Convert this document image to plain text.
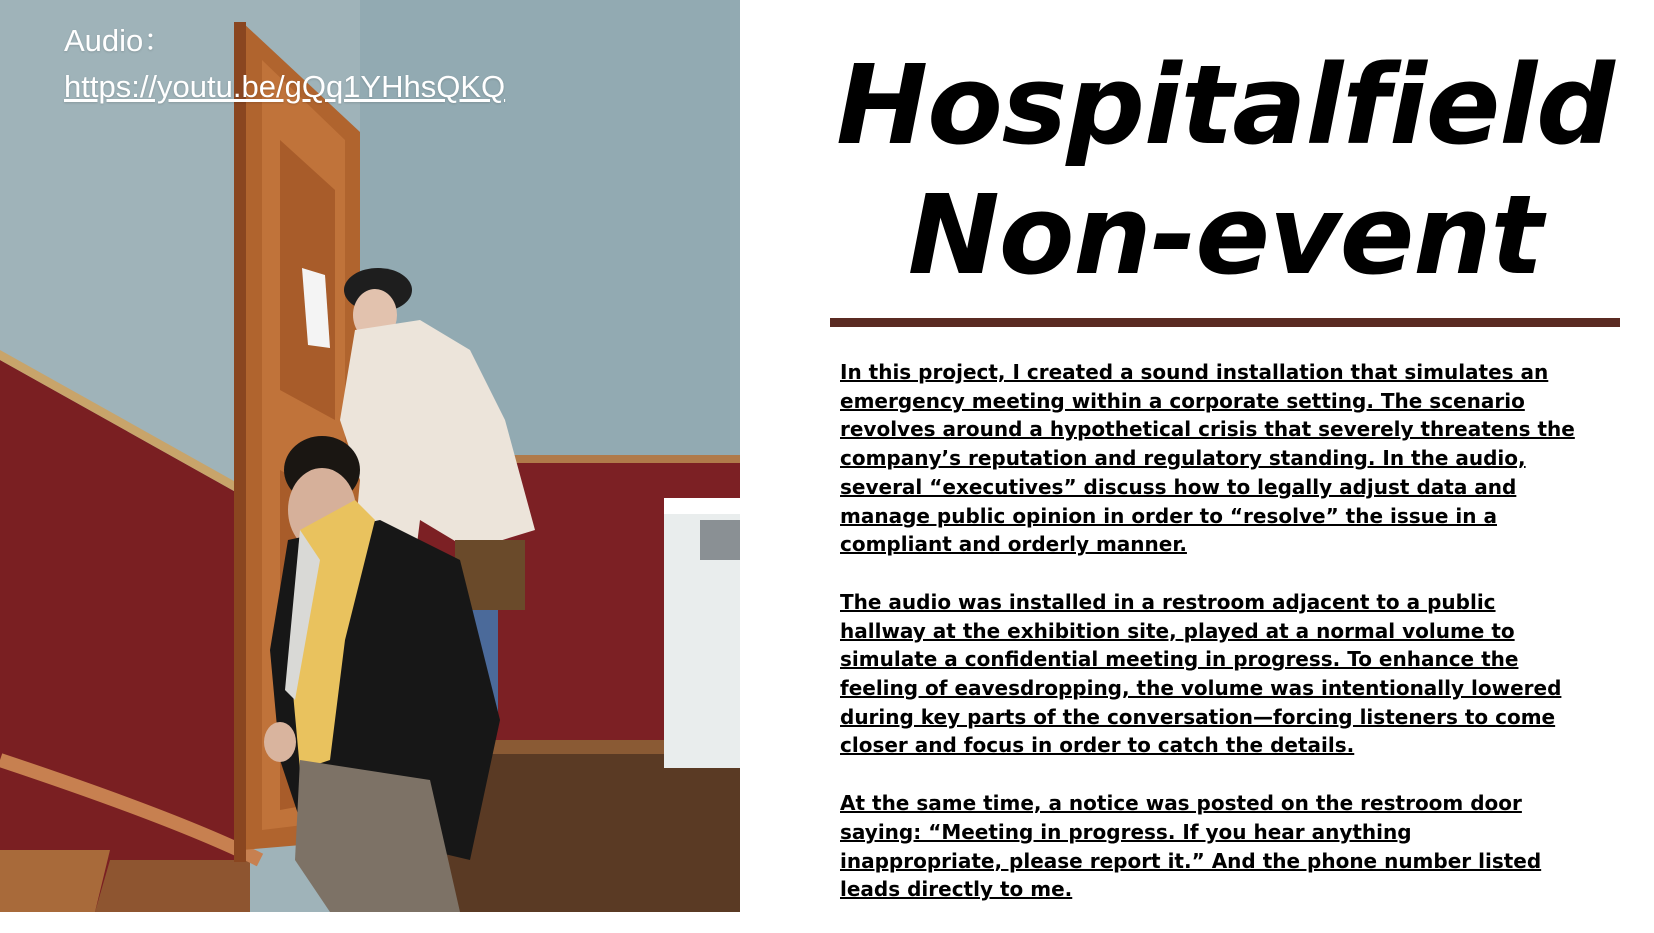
Audio：
https://youtu.be/gQq1YHhsQKQ	Hospitalfield
Non-event

In this project, I created a sound installation that simulates an emergency meeting within a corporate setting. The scenario revolves around a hypothetical crisis that severely threatens the company’s reputation and regulatory standing. In the audio, several “executives” discuss how to legally adjust data and manage public opinion in order to “resolve” the issue in a compliant and orderly manner.

The audio was installed in a restroom adjacent to a public hallway at the exhibition site, played at a normal volume to simulate a confidential meeting in progress. To enhance the feeling of eavesdropping, the volume was intentionally lowered during key parts of the conversation—forcing listeners to come closer and focus in order to catch the details.

At the same time, a notice was posted on the restroom door saying: “Meeting in progress. If you hear anything inappropriate, please report it.” And the phone number listed leads directly to me.
